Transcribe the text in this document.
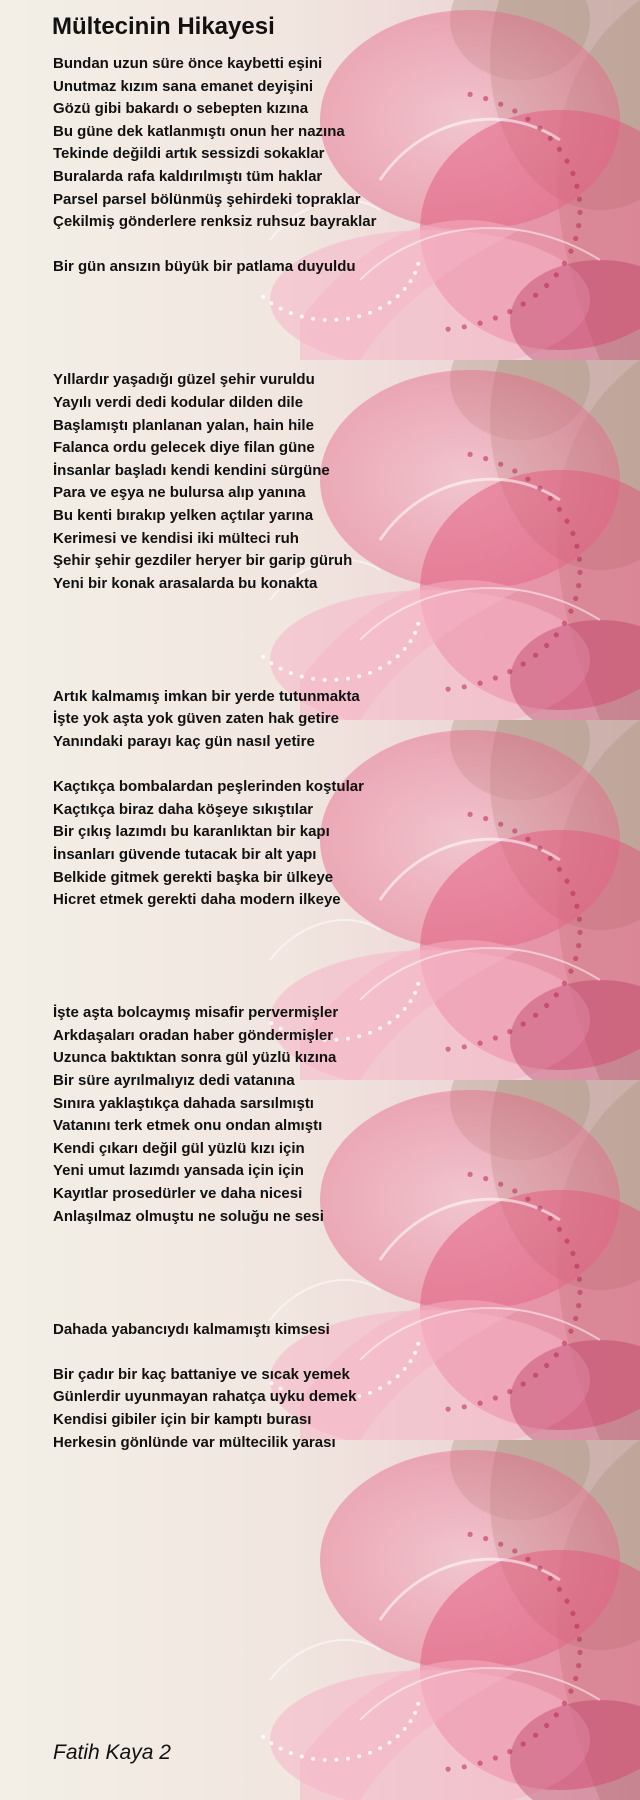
Mültecinin Hikayesi
Bundan uzun süre önce kaybetti eşini
Unutmaz kızım sana emanet deyişini
Gözü gibi bakardı o sebepten kızına
Bu güne dek katlanmıştı onun her nazına
Tekinde değildi artık sessizdi sokaklar
Buralarda rafa kaldırılmıştı tüm haklar
Parsel parsel bölünmüş şehirdeki topraklar
Çekilmiş gönderlere renksiz ruhsuz bayraklar
Bir gün ansızın büyük bir patlama duyuldu
Yıllardır yaşadığı güzel şehir vuruldu
Yayılı verdi dedi kodular dilden dile
Başlamıştı planlanan yalan, hain hile
Falanca ordu gelecek diye filan güne
İnsanlar başladı kendi kendini sürgüne
Para ve eşya ne bulursa alıp yanına
Bu kenti bırakıp yelken açtılar yarına
Kerimesi ve kendisi iki mülteci ruh
Şehir şehir gezdiler heryer bir garip güruh
Yeni bir konak arasalarda bu konakta
Artık kalmamış imkan bir yerde tutunmakta
İşte yok aşta yok güven zaten hak getire
Yanındaki parayı kaç gün nasıl yetire
Kaçtıkça bombalardan peşlerinden koştular
Kaçtıkça biraz daha köşeye sıkıştılar
Bir çıkış lazımdı bu karanlıktan bir kapı
İnsanları güvende tutacak bir alt yapı
Belkide gitmek gerekti başka bir ülkeye
Hicret etmek gerekti daha modern ilkeye
İşte aşta bolcaymış misafir pervermişler
Arkdaşaları oradan haber göndermişler
Uzunca baktıktan sonra gül yüzlü kızına
Bir süre ayrılmalıyız dedi vatanına
Sınıra yaklaştıkça dahada sarsılmıştı
Vatanını terk etmek onu ondan almıştı
Kendi çıkarı değil gül yüzlü kızı için
Yeni umut lazımdı yansada için için
Kayıtlar prosedürler ve daha nicesi
Anlaşılmaz olmuştu ne soluğu ne sesi
Dahada yabancıydı kalmamıştı kimsesi
Bir çadır bir kaç battaniye ve sıcak yemek
Günlerdir uyunmayan rahatça uyku demek
Kendisi gibiler için bir kamptı burası
Herkesin gönlünde var mültecilik yarası
Fatih Kaya 2
